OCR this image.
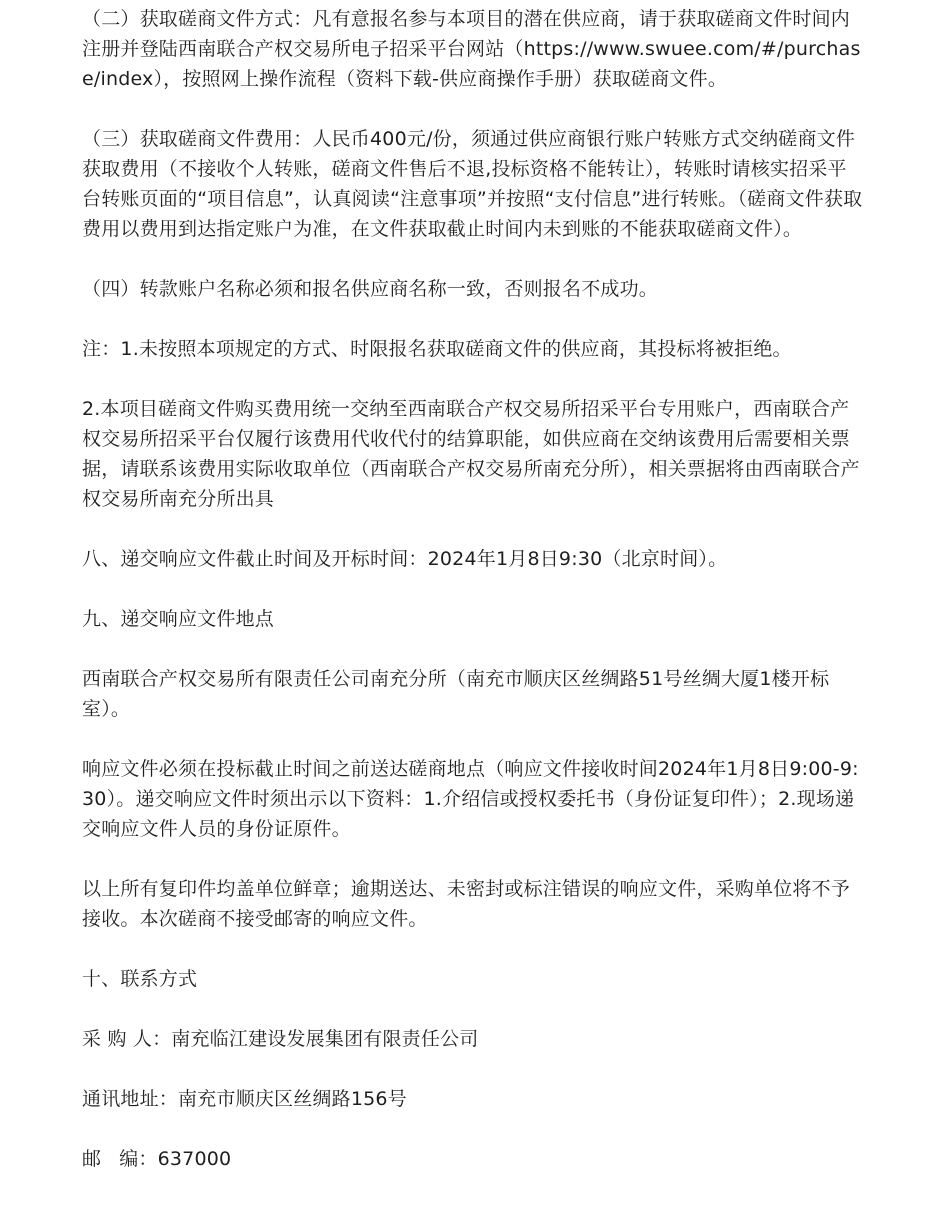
（二）获取磋商文件方式：凡有意报名参与本项目的潜在供应商，请于获取磋商文件时间内注册并登陆西南联合产权交易所电子招采平台网站（https://www.swuee.com/#/purchase/index），按照网上操作流程（资料下载-供应商操作手册）获取磋商文件。

（三）获取磋商文件费用：人民币400元/份，须通过供应商银行账户转账方式交纳磋商文件获取费用（不接收个人转账，磋商文件售后不退,投标资格不能转让），转账时请核实招采平台转账页面的“项目信息”，认真阅读“注意事项”并按照“支付信息”进行转账。（磋商文件获取费用以费用到达指定账户为准，在文件获取截止时间内未到账的不能获取磋商文件）。

（四）转款账户名称必须和报名供应商名称一致，否则报名不成功。

注：1.未按照本项规定的方式、时限报名获取磋商文件的供应商，其投标将被拒绝。

2.本项目磋商文件购买费用统一交纳至西南联合产权交易所招采平台专用账户，西南联合产权交易所招采平台仅履行该费用代收代付的结算职能，如供应商在交纳该费用后需要相关票据，请联系该费用实际收取单位（西南联合产权交易所南充分所），相关票据将由西南联合产权交易所南充分所出具

八、递交响应文件截止时间及开标时间：2024年1月8日9:30（北京时间）。

九、递交响应文件地点

西南联合产权交易所有限责任公司南充分所（南充市顺庆区丝绸路51号丝绸大厦1楼开标室）。

响应文件必须在投标截止时间之前送达磋商地点（响应文件接收时间2024年1月8日9:00-9:30）。递交响应文件时须出示以下资料：1.介绍信或授权委托书（身份证复印件）；2.现场递交响应文件人员的身份证原件。

以上所有复印件均盖单位鲜章；逾期送达、未密封或标注错误的响应文件，采购单位将不予接收。本次磋商不接受邮寄的响应文件。

十、联系方式

采 购 人：南充临江建设发展集团有限责任公司

通讯地址：南充市顺庆区丝绸路156号

邮 编：637000
